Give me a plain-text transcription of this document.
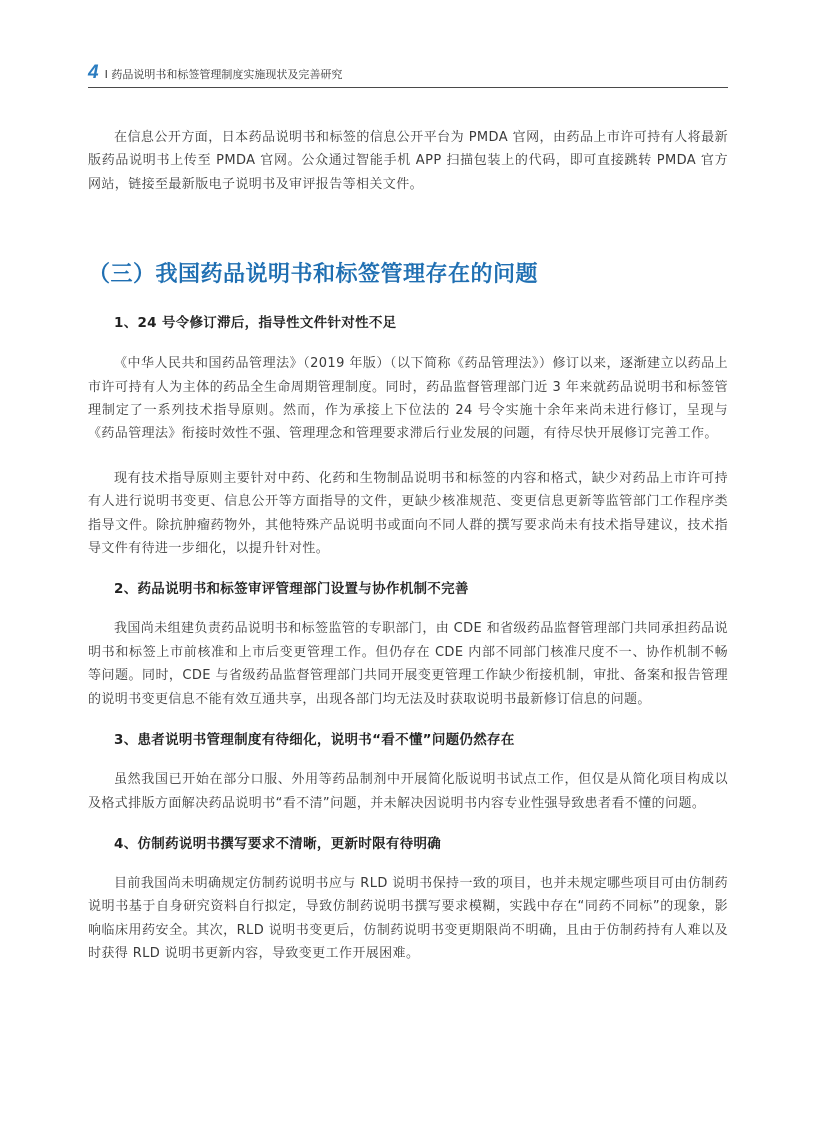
4 I 药品说明书和标签管理制度实施现状及完善研究

在信息公开方面，日本药品说明书和标签的信息公开平台为 PMDA 官网，由药品上市许可持有人将最新版药品说明书上传至 PMDA 官网。公众通过智能手机 APP 扫描包装上的代码，即可直接跳转 PMDA 官方网站，链接至最新版电子说明书及审评报告等相关文件。

（三）我国药品说明书和标签管理存在的问题
1、24 号令修订滞后，指导性文件针对性不足

《中华人民共和国药品管理法》（2019 年版）（以下简称《药品管理法》）修订以来，逐渐建立以药品上市许可持有人为主体的药品全生命周期管理制度。同时，药品监督管理部门近 3 年来就药品说明书和标签管理制定了一系列技术指导原则。然而，作为承接上下位法的 24 号令实施十余年来尚未进行修订，呈现与《药品管理法》衔接时效性不强、管理理念和管理要求滞后行业发展的问题，有待尽快开展修订完善工作。

现有技术指导原则主要针对中药、化药和生物制品说明书和标签的内容和格式，缺少对药品上市许可持有人进行说明书变更、信息公开等方面指导的文件，更缺少核准规范、变更信息更新等监管部门工作程序类指导文件。除抗肿瘤药物外，其他特殊产品说明书或面向不同人群的撰写要求尚未有技术指导建议，技术指导文件有待进一步细化，以提升针对性。

2、药品说明书和标签审评管理部门设置与协作机制不完善

我国尚未组建负责药品说明书和标签监管的专职部门，由 CDE 和省级药品监督管理部门共同承担药品说明书和标签上市前核准和上市后变更管理工作。但仍存在 CDE 内部不同部门核准尺度不一、协作机制不畅等问题。同时，CDE 与省级药品监督管理部门共同开展变更管理工作缺少衔接机制，审批、备案和报告管理的说明书变更信息不能有效互通共享，出现各部门均无法及时获取说明书最新修订信息的问题。

3、患者说明书管理制度有待细化，说明书“看不懂”问题仍然存在

虽然我国已开始在部分口服、外用等药品制剂中开展简化版说明书试点工作，但仅是从简化项目构成以及格式排版方面解决药品说明书“看不清”问题，并未解决因说明书内容专业性强导致患者看不懂的问题。

4、仿制药说明书撰写要求不清晰，更新时限有待明确

目前我国尚未明确规定仿制药说明书应与 RLD 说明书保持一致的项目，也并未规定哪些项目可由仿制药说明书基于自身研究资料自行拟定，导致仿制药说明书撰写要求模糊，实践中存在“同药不同标”的现象，影响临床用药安全。其次，RLD 说明书变更后，仿制药说明书变更期限尚不明确，且由于仿制药持有人难以及时获得 RLD 说明书更新内容，导致变更工作开展困难。
